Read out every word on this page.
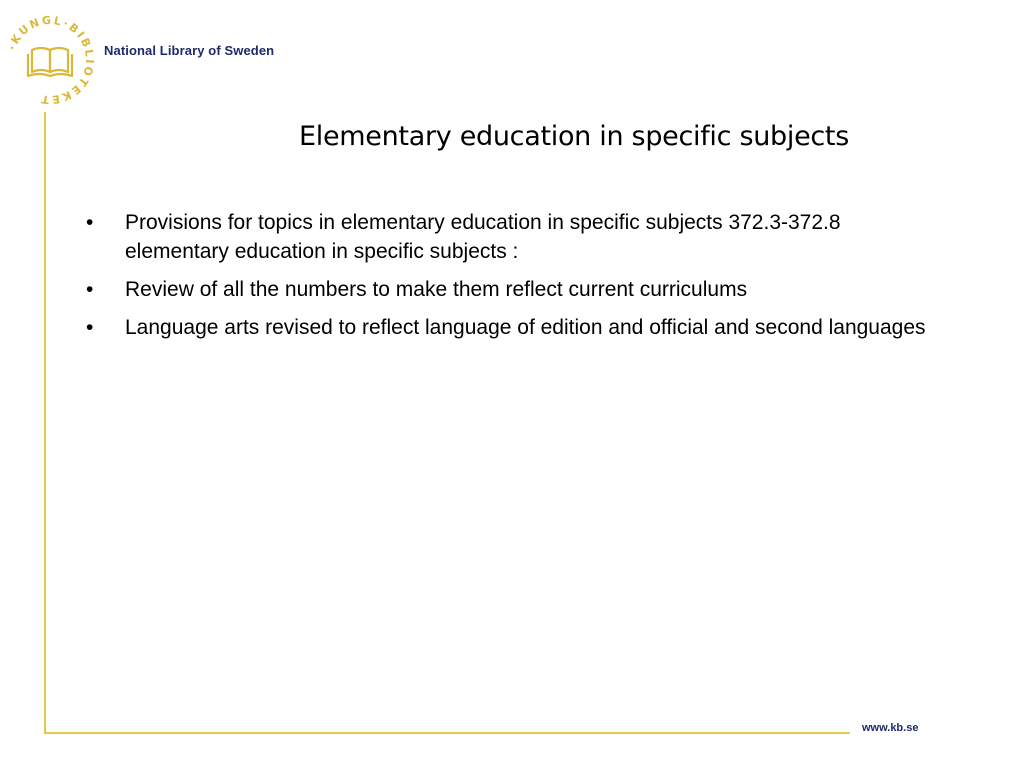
·KUNGL·BIBLIOTEKET
National Library of Sweden
Elementary education in specific subjects
•	Provisions for topics in elementary education in specific subjects 372.3-372.8 elementary education in specific subjects :
•	Review of all the numbers to make them reflect current curriculums
•	Language arts revised to reflect language of edition and official and second languages
www.kb.se
